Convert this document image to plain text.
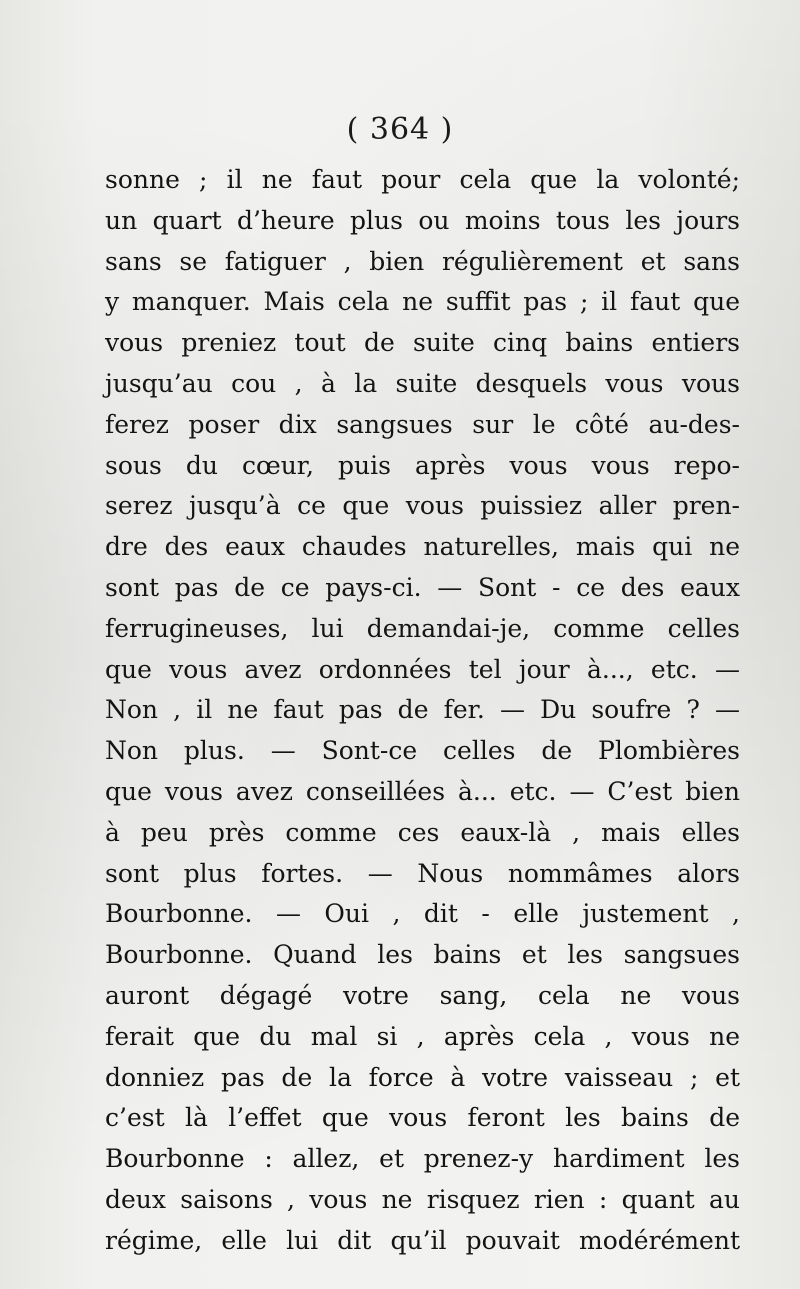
( 364 )
sonne ; il ne faut pour cela que la volonté;
un quart d’heure plus ou moins tous les jours
sans se fatiguer , bien régulièrement et sans
y manquer. Mais cela ne suffit pas ; il faut que
vous preniez tout de suite cinq bains entiers
jusqu’au cou , à la suite desquels vous vous
ferez poser dix sangsues sur le côté au-des-
sous du cœur, puis après vous vous repo-
serez jusqu’à ce que vous puissiez aller pren-
dre des eaux chaudes naturelles, mais qui ne
sont pas de ce pays-ci. — Sont - ce des eaux
ferrugineuses, lui demandai-je, comme celles
que vous avez ordonnées tel jour à..., etc. —
Non , il ne faut pas de fer. — Du soufre ? —
Non plus. — Sont-ce celles de Plombières
que vous avez conseillées à... etc. — C’est bien
à peu près comme ces eaux-là , mais elles
sont plus fortes. — Nous nommâmes alors
Bourbonne. — Oui , dit - elle justement ,
Bourbonne. Quand les bains et les sangsues
auront dégagé votre sang, cela ne vous
ferait que du mal si , après cela , vous ne
donniez pas de la force à votre vaisseau ; et
c’est là l’effet que vous feront les bains de
Bourbonne : allez, et prenez-y hardiment les
deux saisons , vous ne risquez rien : quant au
régime, elle lui dit qu’il pouvait modérément
